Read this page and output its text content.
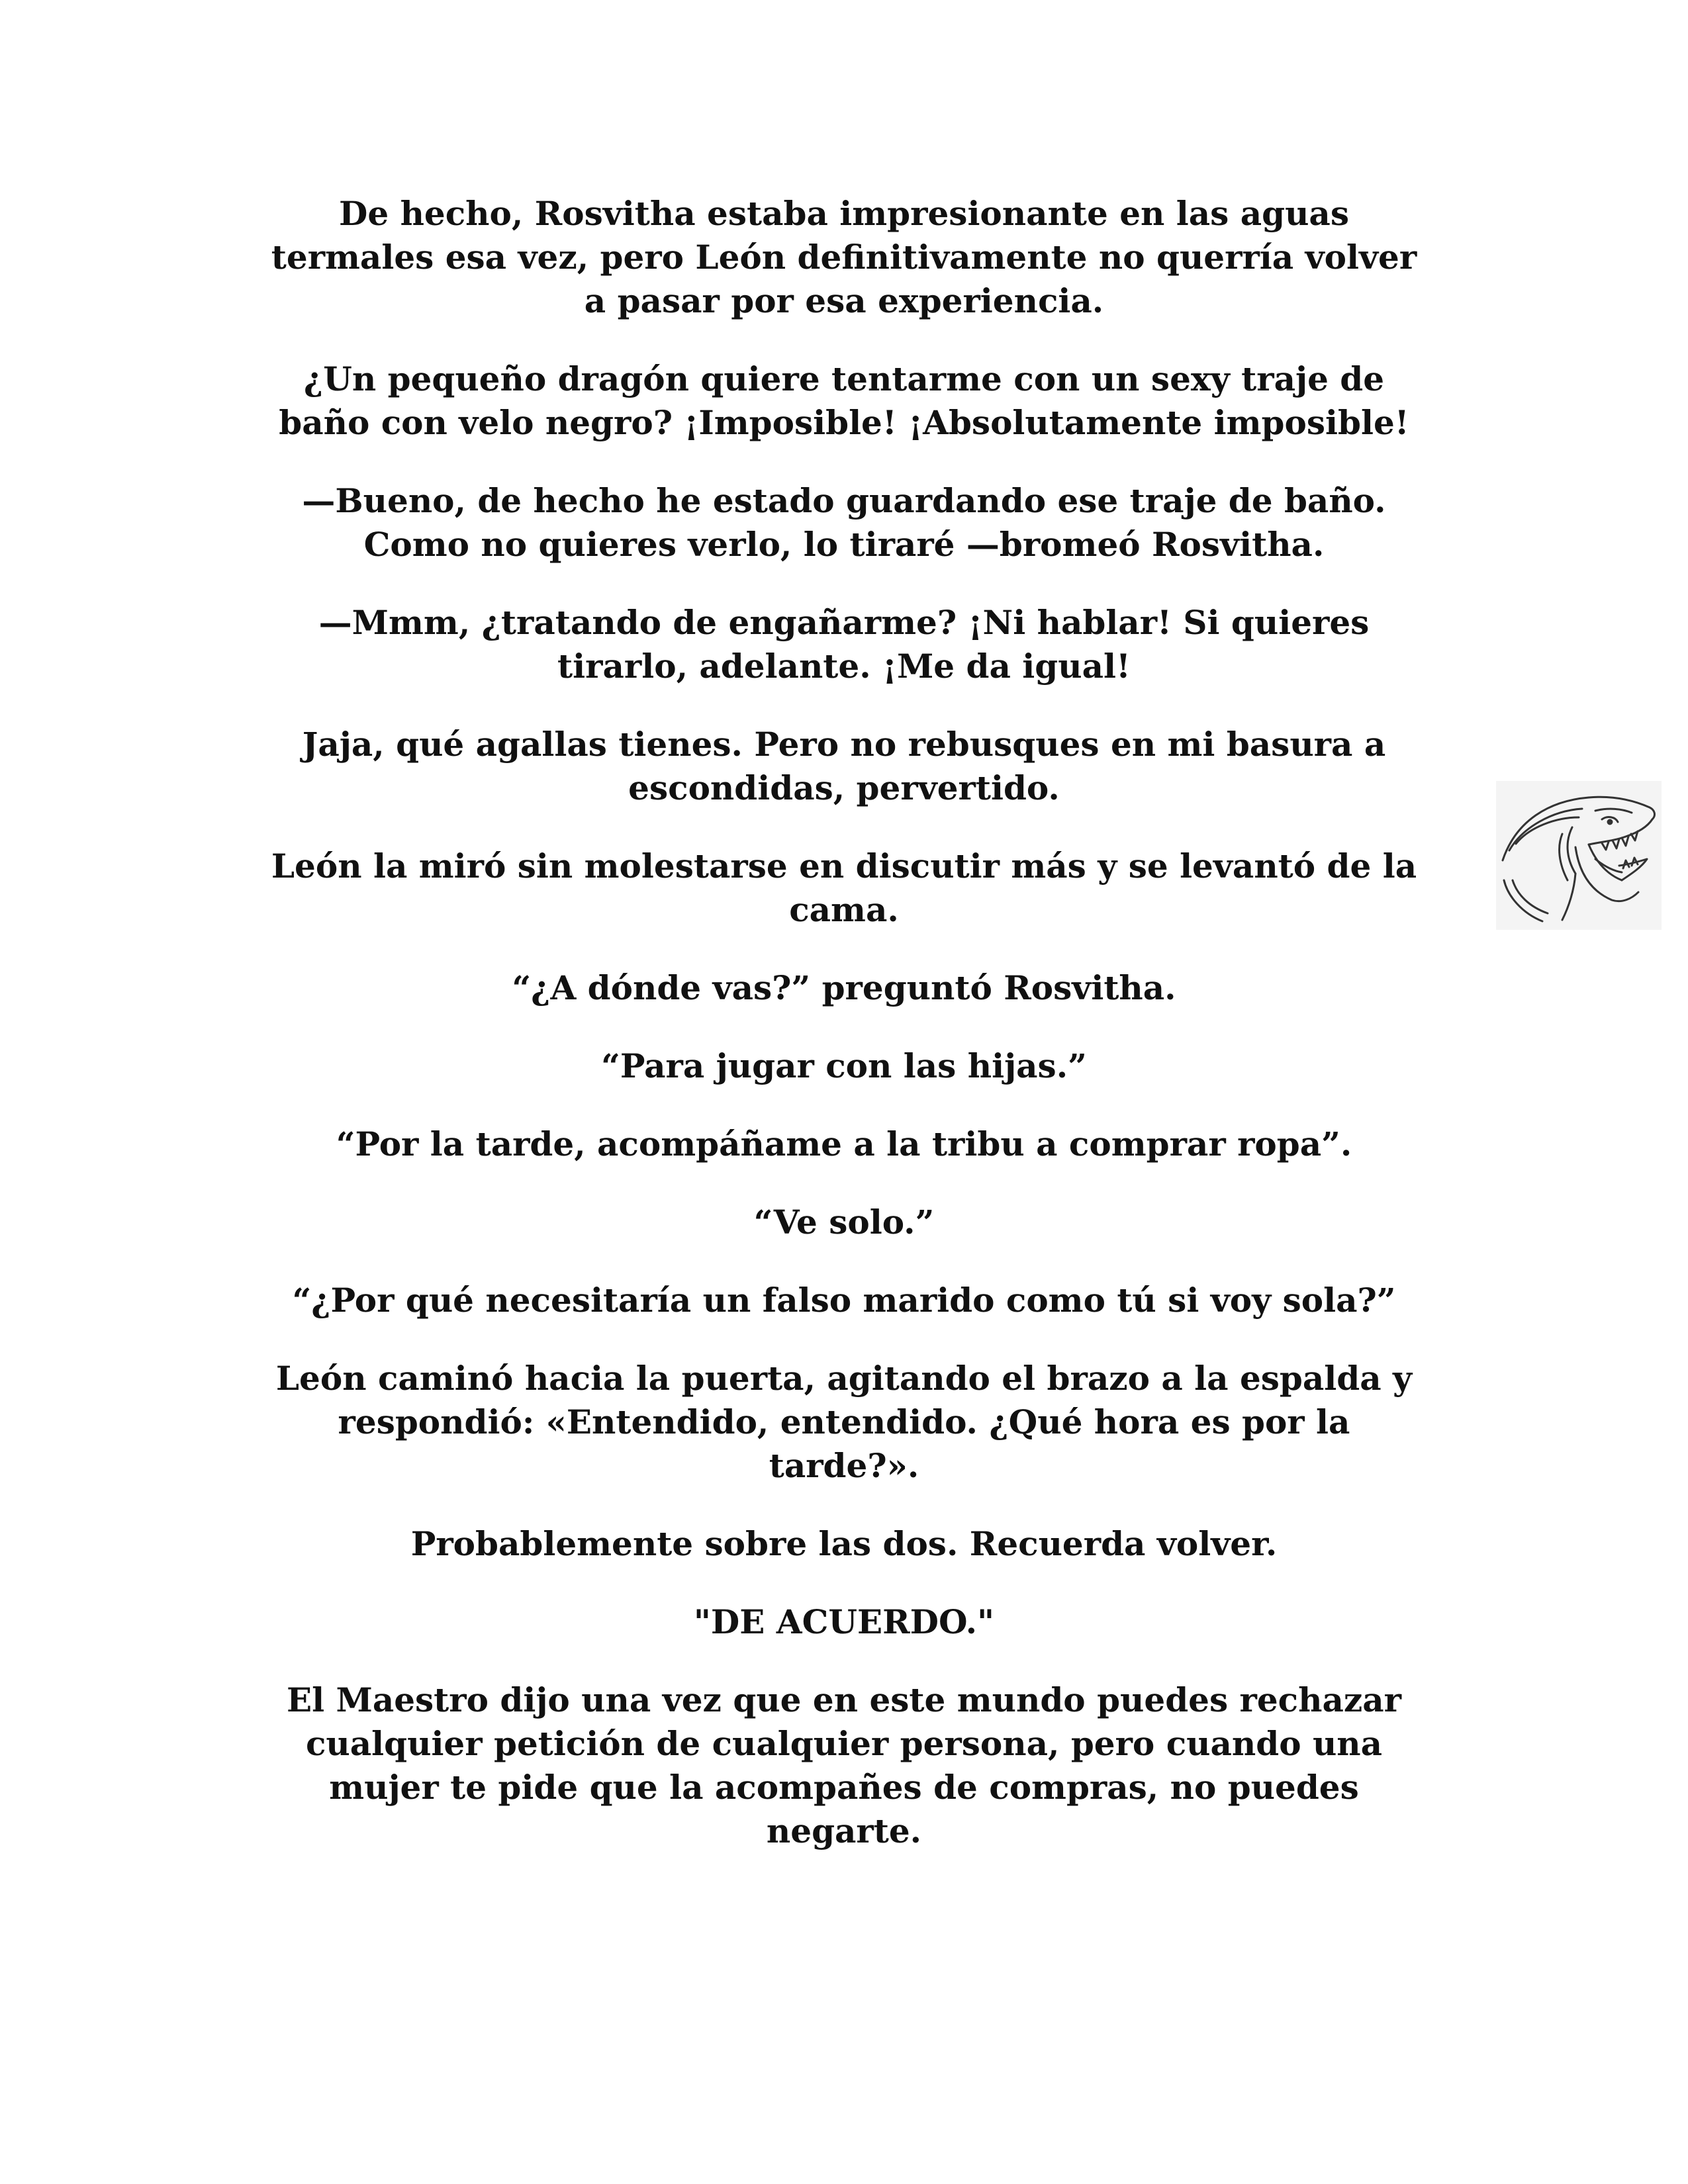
De hecho, Rosvitha estaba impresionante en las aguas
termales esa vez, pero León definitivamente no querría volver
a pasar por esa experiencia.

¿Un pequeño dragón quiere tentarme con un sexy traje de
baño con velo negro? ¡Imposible! ¡Absolutamente imposible!

—Bueno, de hecho he estado guardando ese traje de baño.
Como no quieres verlo, lo tiraré —bromeó Rosvitha.

—Mmm, ¿tratando de engañarme? ¡Ni hablar! Si quieres
tirarlo, adelante. ¡Me da igual!

Jaja, qué agallas tienes. Pero no rebusques en mi basura a
escondidas, pervertido.

León la miró sin molestarse en discutir más y se levantó de la
cama.

“¿A dónde vas?” preguntó Rosvitha.

“Para jugar con las hijas.”

“Por la tarde, acompáñame a la tribu a comprar ropa”.

“Ve solo.”

“¿Por qué necesitaría un falso marido como tú si voy sola?”

León caminó hacia la puerta, agitando el brazo a la espalda y
respondió: «Entendido, entendido. ¿Qué hora es por la
tarde?».

Probablemente sobre las dos. Recuerda volver.

"DE ACUERDO."

El Maestro dijo una vez que en este mundo puedes rechazar
cualquier petición de cualquier persona, pero cuando una
mujer te pide que la acompañes de compras, no puedes
negarte.
